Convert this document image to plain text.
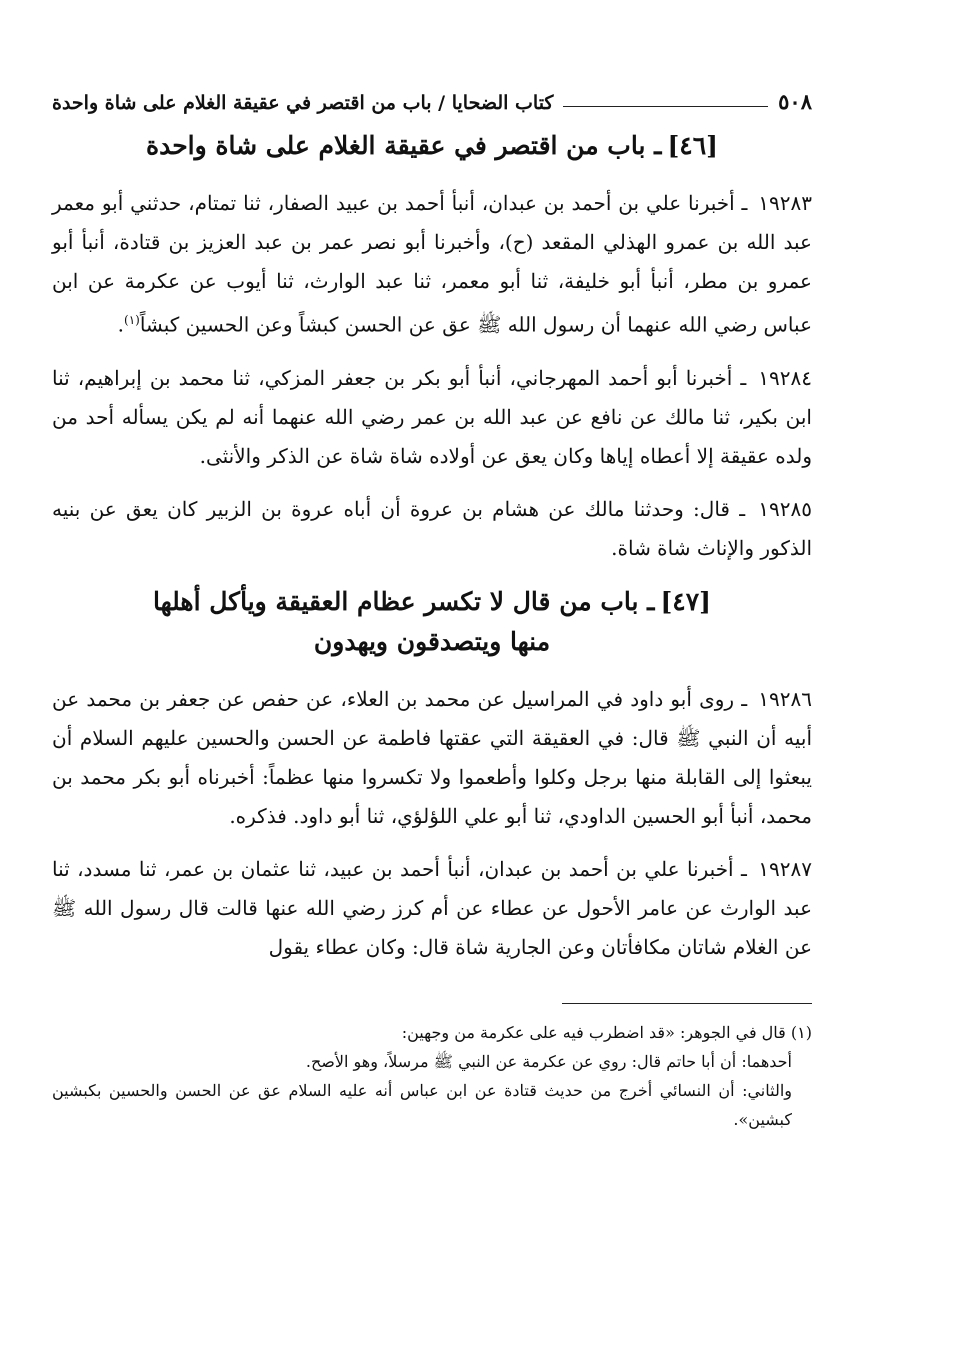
٥٠٨
كتاب الضحايا / باب من اقتصر في عقيقة الغلام على شاة واحدة
[٤٦]ـ باب من اقتصر في عقيقة الغلام على شاة واحدة

١٩٢٨٣ ـ أخبرنا علي بن أحمد بن عبدان، أنبأ أحمد بن عبيد الصفار، ثنا تمتام، حدثني أبو معمر عبد الله بن عمرو الهذلي المقعد (ح)، وأخبرنا أبو نصر عمر بن عبد العزيز بن قتادة، أنبأ أبو عمرو بن مطر، أنبأ أبو خليفة، ثنا أبو معمر، ثنا عبد الوارث، ثنا أيوب عن عكرمة عن ابن عباس رضي الله عنهما أن رسول الله ﷺ عق عن الحسن كبشاً وعن الحسين كبشاً$^{(١)}$.

١٩٢٨٤ ـ أخبرنا أبو أحمد المهرجاني، أنبأ أبو بكر بن جعفر المزكي، ثنا محمد بن إبراهيم، ثنا ابن بكير، ثنا مالك عن نافع عن عبد الله بن عمر رضي الله عنهما أنه لم يكن يسأله أحد من ولده عقيقة إلا أعطاه إياها وكان يعق عن أولاده شاة شاة عن الذكر والأنثى.

١٩٢٨٥ ـ قال: وحدثنا مالك عن هشام بن عروة أن أباه عروة بن الزبير كان يعق عن بنيه الذكور والإناث شاة شاة.

[٤٧]ـ باب من قال لا تكسر عظام العقيقة ويأكل أهلها
منها ويتصدقون ويهدون

١٩٢٨٦ ـ روى أبو داود في المراسيل عن محمد بن العلاء، عن حفص عن جعفر بن محمد عن أبيه أن النبي ﷺ قال: في العقيقة التي عقتها فاطمة عن الحسن والحسين عليهم السلام أن يبعثوا إلى القابلة منها برجل وكلوا وأطعموا ولا تكسروا منها عظماً: أخبرناه أبو بكر محمد بن محمد، أنبأ أبو الحسين الداودي، ثنا أبو علي اللؤلؤي، ثنا أبو داود. فذكره.

١٩٢٨٧ ـ أخبرنا علي بن أحمد بن عبدان، أنبأ أحمد بن عبيد، ثنا عثمان بن عمر، ثنا مسدد، ثنا عبد الوارث عن عامر الأحول عن عطاء عن أم كرز رضي الله عنها قالت قال رسول الله ﷺ عن الغلام شاتان مكافأتان وعن الجارية شاة قال: وكان عطاء يقول

(١) قال في الجوهر: «قد اضطرب فيه على عكرمة من وجهين:

أحدهما: أن أبا حاتم قال: روي عن عكرمة عن النبي ﷺ مرسلاً، وهو الأصح.

والثاني: أن النسائي أخرج من حديث قتادة عن ابن عباس أنه عليه السلام عق عن الحسن والحسين بكبشين كبشين».
